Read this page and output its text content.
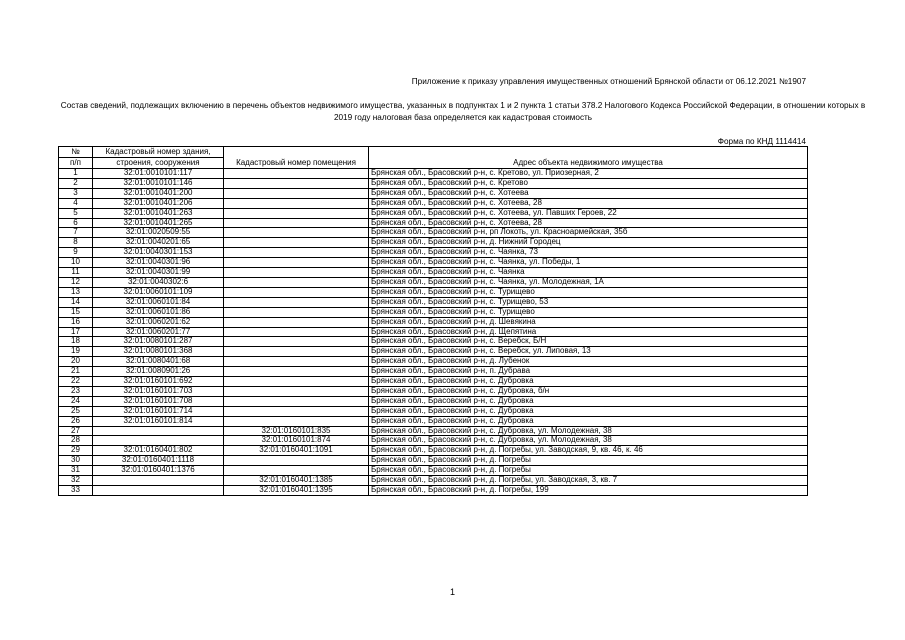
Приложение к приказу управления имущественных отношений Брянской области от 06.12.2021 №1907
Состав сведений, подлежащих включению в перечень объектов недвижимого имущества, указанных в подпунктах 1 и 2 пункта 1 статьи 378.2 Налогового Кодекса Российской Федерации, в отношении которых в 2019 году налоговая база определяется как кадастровая стоимость
Форма по КНД 1114414
№	Кадастровый номер здания,	Кадастровый номер помещения	Адрес объекта недвижимого имущества
п/п	строения, сооружения		
1	32:01:0010101:117		Брянская обл., Брасовский р-н, с. Кретово, ул. Приозерная, 2
2	32:01:0010101:146		Брянская обл., Брасовский р-н, с. Кретово
3	32:01:0010401:200		Брянская обл., Брасовский р-н, с. Хотеева
4	32:01:0010401:206		Брянская обл., Брасовский р-н, с. Хотеева, 28
5	32:01:0010401:263		Брянская обл., Брасовский р-н, с. Хотеева, ул. Павших Героев, 22
6	32:01:0010401:265		Брянская обл., Брасовский р-н, с. Хотеева, 28
7	32:01:0020509:55		Брянская обл., Брасовский р-н, рп Локоть, ул. Красноармейская, 35б
8	32:01:0040201:65		Брянская обл., Брасовский р-н, д. Нижний Городец
9	32:01:0040301:153		Брянская обл., Брасовский р-н, с. Чаянка, 73
10	32:01:0040301:96		Брянская обл., Брасовский р-н, с. Чаянка, ул. Победы, 1
11	32:01:0040301:99		Брянская обл., Брасовский р-н, с. Чаянка
12	32:01:0040302:6		Брянская обл., Брасовский р-н, с. Чаянка, ул. Молодежная, 1А
13	32:01:0060101:109		Брянская обл., Брасовский р-н, с. Турищево
14	32:01:0060101:84		Брянская обл., Брасовский р-н, с. Турищево, 53
15	32:01:0060101:86		Брянская обл., Брасовский р-н, с. Турищево
16	32:01:0060201:62		Брянская обл., Брасовский р-н, д. Шевякина
17	32:01:0060201:77		Брянская обл., Брасовский р-н, д. Щепятина
18	32:01:0080101:287		Брянская обл., Брасовский р-н, с. Веребск, Б/Н
19	32:01:0080101:368		Брянская обл., Брасовский р-н, с. Веребск, ул. Липовая, 13
20	32:01:0080401:68		Брянская обл., Брасовский р-н, д. Лубенок
21	32:01:0080901:26		Брянская обл., Брасовский р-н, п. Дубрава
22	32:01:0160101:692		Брянская обл., Брасовский р-н, с. Дубровка
23	32:01:0160101:703		Брянская обл., Брасовский р-н, с. Дубровка, б/н
24	32:01:0160101:708		Брянская обл., Брасовский р-н, с. Дубровка
25	32:01:0160101:714		Брянская обл., Брасовский р-н, с. Дубровка
26	32:01:0160101:814		Брянская обл., Брасовский р-н, с. Дубровка
27		32:01:0160101:835	Брянская обл., Брасовский р-н, с. Дубровка, ул. Молодежная, 38
28		32:01:0160101:874	Брянская обл., Брасовский р-н, с. Дубровка, ул. Молодежная, 38
29	32:01:0160401:802	32:01:0160401:1091	Брянская обл., Брасовский р-н, д. Погребы, ул. Заводская, 9, кв. 46, к. 46
30	32:01:0160401:1118		Брянская обл., Брасовский р-н, д. Погребы
31	32:01:0160401:1376		Брянская обл., Брасовский р-н, д. Погребы
32		32:01:0160401:1385	Брянская обл., Брасовский р-н, д. Погребы, ул. Заводская, 3, кв. 7
33		32:01:0160401:1395	Брянская обл., Брасовский р-н, д. Погребы, 199
1
